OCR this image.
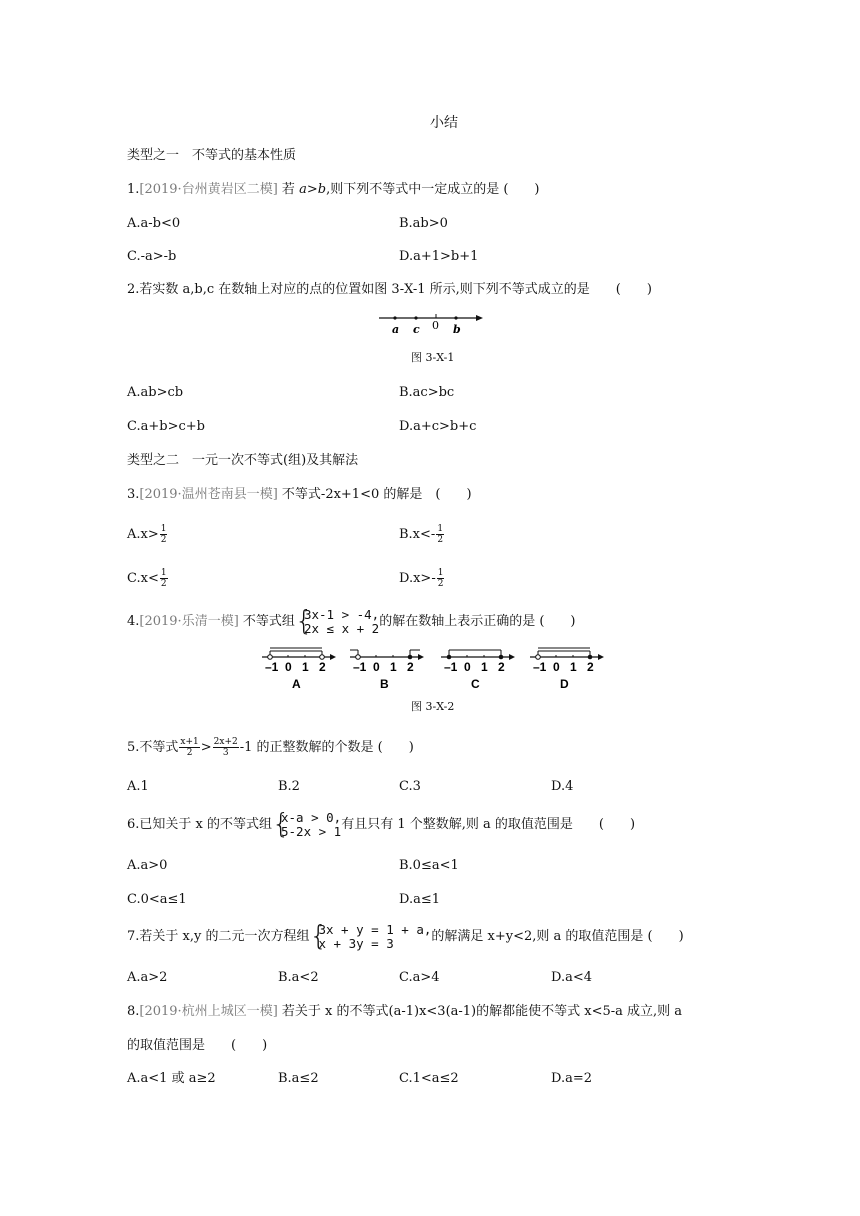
小结
类型之一　不等式的基本性质
1.[2019·台州黄岩区二模] 若 a>b,则下列不等式中一定成立的是 (　　)
A.a-b<0	B.ab>0
C.-a>-b	D.a+1>b+1
2.若实数 a,b,c 在数轴上对应的点的位置如图 3-X-1 所示,则下列不等式成立的是　　(　　)
a c 0 b
图 3-X-1
A.ab>cb	B.ac>bc
C.a+b>c+b	D.a+c>b+c
类型之二　一元一次不等式(组)及其解法
3.[2019·温州苍南县一模] 不等式-2x+1<0 的解是　(　　)
$A.x> \frac{1}{2}$	$B.x<- \frac{1}{2}$
$C.x< \frac{1}{2}$	$D.x>- \frac{1}{2}$
4.[2019·乐清一模] 不等式组 {
3x-1 > -4,
2x ≤ x + 2 的解在数轴上表示正确的是 (　　)
–1 0 1 2
A
–1 0 1 2
B
–1 0 1 2
C
–1 0 1 2
D
图 3-X-2
5.不等式 $\frac{x+1}{2} > \frac{2x+2}{3} -1$ 的正整数解的个数是 (　　)
A.1	B.2	C.3	D.4
6.已知关于 x 的不等式组 {
x-a > 0,
5-2x > 1 有且只有 1 个整数解,则 a 的取值范围是　　(　　)
A.a>0	B.0≤a<1
C.0<a≤1	D.a≤1
7.若关于 x,y 的二元一次方程组 {
3x + y = 1 + a,
x + 3y = 3	的解满足 x+y<2,则 a 的取值范围是 (　　)
A.a>2	B.a<2	C.a>4	D.a<4
8.[2019·杭州上城区一模] 若关于 x 的不等式(a-1)x<3(a-1)的解都能使不等式 x<5-a 成立,则 a
的取值范围是　　(　　)
A.a<1 或 a≥2	B.a≤2	C.1<a≤2	D.a=2
